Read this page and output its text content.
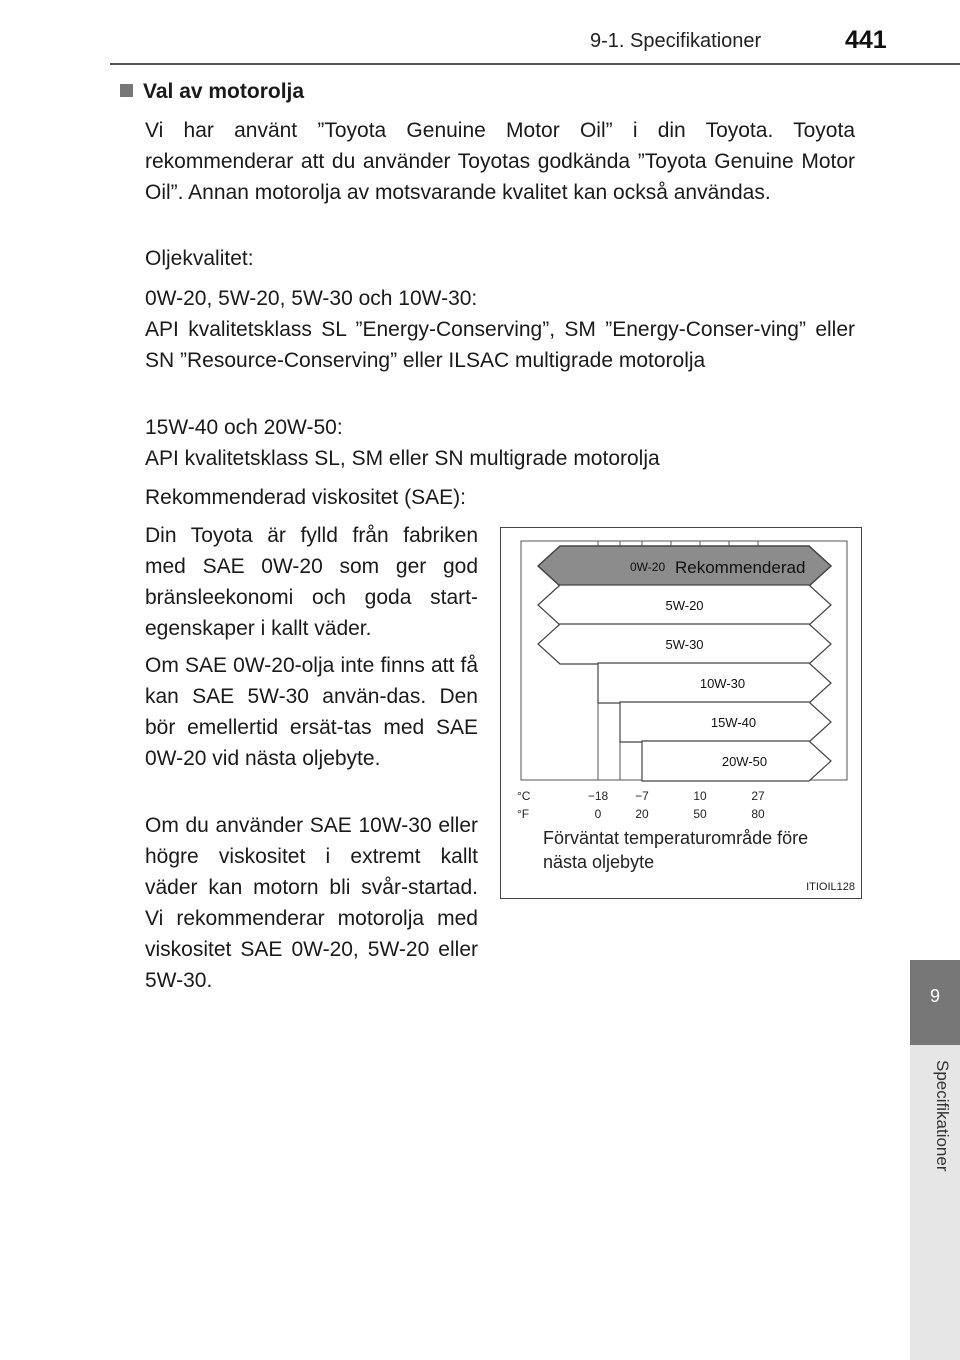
9-1. Specifikationer	441
9
Specifikationer
Val av motorolja

Vi har använt ”Toyota Genuine Motor Oil” i din Toyota. Toyota rekommenderar att du använder Toyotas godkända ”Toyota Genuine Motor Oil”. Annan motorolja av motsvarande kvalitet kan också användas.

Oljekvalitet:

0W-20, 5W-20, 5W-30 och 10W-30:

API kvalitetsklass SL ”Energy-Conserving”, SM ”Energy-Conser-ving” eller SN ”Resource-Conserving” eller ILSAC multigrade motorolja

15W-40 och 20W-50:

API kvalitetsklass SL, SM eller SN multigrade motorolja

Rekommenderad viskositet (SAE):

Din Toyota är fylld från fabriken med SAE 0W-20 som ger god bränsleekonomi och goda start-egenskaper i kallt väder.

Om SAE 0W-20-olja inte finns att få kan SAE 5W-30 använ-das. Den bör emellertid ersät-tas med SAE 0W-20 vid nästa oljebyte.

Om du använder SAE 10W-30 eller högre viskositet i extremt kallt väder kan motorn bli svår-startad. Vi rekommenderar motorolja med viskositet SAE 0W-20, 5W-20 eller 5W-30.

0W-20 Rekommenderad
5W-20
5W-30
10W-30
15W-40
20W-50
°C
°F
−18 −7	10	27
0	20	50	80
Förväntat temperaturområde före nästa oljebyte
ITIOIL128
